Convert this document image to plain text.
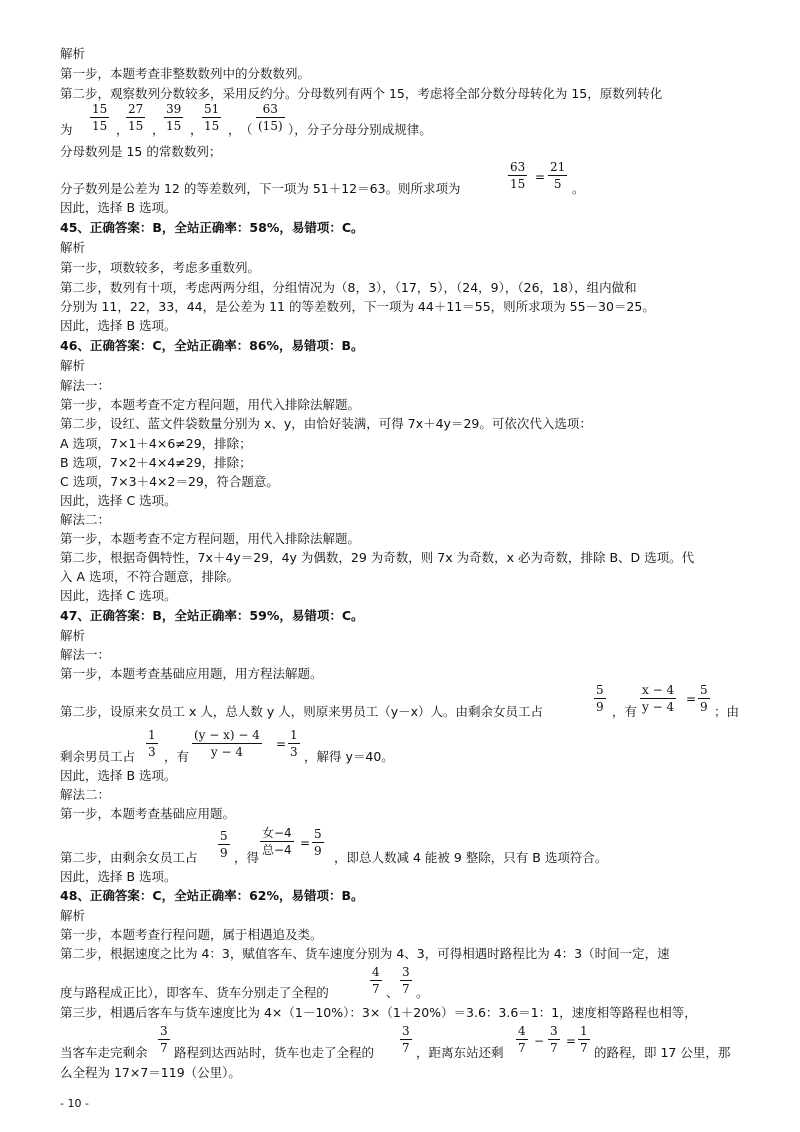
解析
第一步，本题考查非整数数列中的分数数列。
第二步，观察数列分数较多，采用反约分。分母数列有两个 15，考虑将全部分数分母转化为 15，原数列转化
为
15
15 ，
27
15 ，
39
15 ，
51
15 ， （
63
(15) ），分子分母分别成规律。
分母数列是 15 的常数数列；
分子数列是公差为 12 的等差数列，下一项为 51＋12＝63。则所求项为
63
15 =
21
5 。
因此，选择 B 选项。
45、正确答案：B，全站正确率：58%，易错项：C。
解析
第一步，项数较多，考虑多重数列。
第二步，数列有十项，考虑两两分组，分组情况为（8，3），（17，5），（24，9），（26，18），组内做和
分别为 11，22，33，44，是公差为 11 的等差数列，下一项为 44＋11＝55，则所求项为 55－30＝25。
因此，选择 B 选项。
46、正确答案：C，全站正确率：86%，易错项：B。
解析
解法一：
第一步，本题考查不定方程问题，用代入排除法解题。
第二步，设红、蓝文件袋数量分别为 x、y，由恰好装满，可得 7x＋4y＝29。可依次代入选项：
A 选项，7×1＋4×6≠29，排除；
B 选项，7×2＋4×4≠29，排除；
C 选项，7×3＋4×2＝29，符合题意。
因此，选择 C 选项。
解法二：
第一步，本题考查不定方程问题，用代入排除法解题。
第二步，根据奇偶特性，7x＋4y＝29，4y 为偶数，29 为奇数，则 7x 为奇数，x 必为奇数，排除 B、D 选项。代
入 A 选项，不符合题意，排除。
因此，选择 C 选项。
47、正确答案：B，全站正确率：59%，易错项：C。
解析
解法一：
第一步，本题考查基础应用题，用方程法解题。
第二步，设原来女员工 x 人，总人数 y 人，则原来男员工（y－x）人。由剩余女员工占
5
9 ，有
x − 4
y − 4
=
5
9 ；由
剩余男员工占
1
3 ，有
(y − x) − 4
y − 4
=
1
3 ，解得 y＝40。
因此，选择 B 选项。
解法二：
第一步，本题考查基础应用题。
第二步，由剩余女员工占
5
9 ，得
女−4
总−4 =
5
9 ，即总人数减 4 能被 9 整除，只有 B 选项符合。
因此，选择 B 选项。
48、正确答案：C，全站正确率：62%，易错项：B。
解析
第一步，本题考查行程问题，属于相遇追及类。
第二步，根据速度之比为 4：3，赋值客车、货车速度分别为 4、3，可得相遇时路程比为 4：3（时间一定，速
度与路程成正比），即客车、货车分别走了全程的
4
7 、
3
7 。
第三步，相遇后客车与货车速度比为 4×（1－10%）：3×（1＋20%）＝3.6：3.6＝1：1，速度相等路程也相等，
当客车走完剩余
3
7 路程到达西站时，货车也走了全程的
3
7 ，距离东站还剩
4
7 −
3
7 =
1
7 的路程，即 17 公里，那
么全程为 17×7＝119（公里）。
- 10 -
